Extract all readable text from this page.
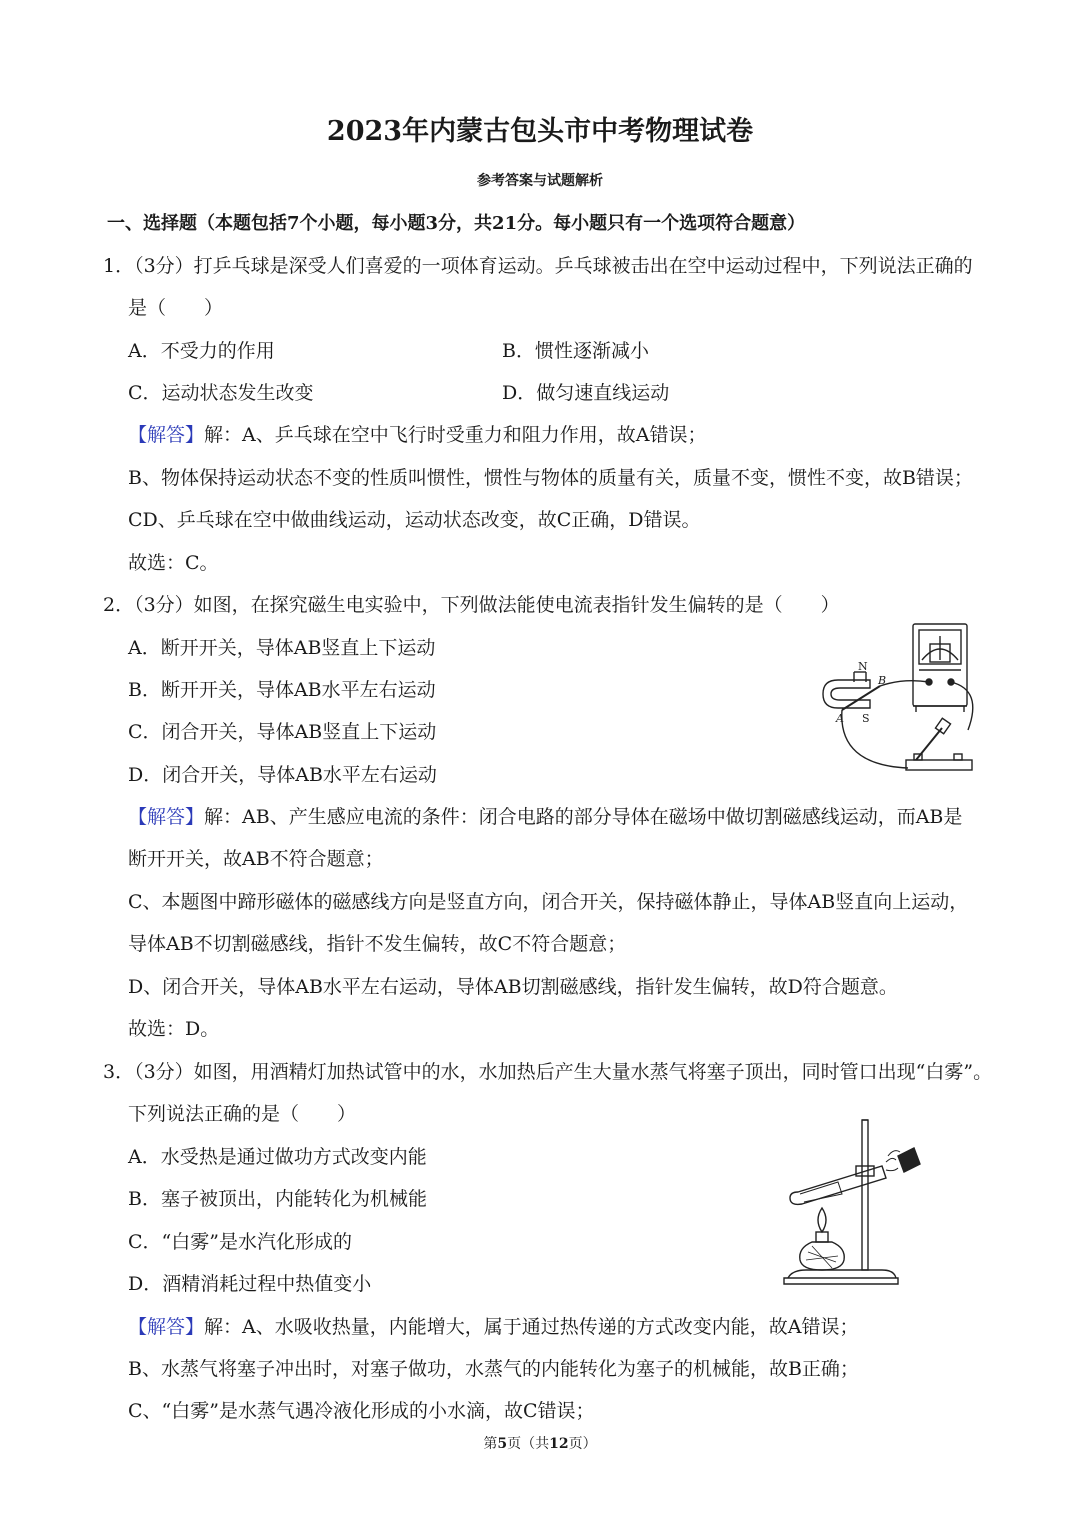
2023年内蒙古包头市中考物理试卷
参考答案与试题解析
一、选择题（本题包括7个小题，每小题3分，共21分。每小题只有一个选项符合题意）
1．（3分）打乒乓球是深受人们喜爱的一项体育运动。乒乓球被击出在空中运动过程中，下列说法正确的
是（　　）
A．不受力的作用	B．惯性逐渐减小
C．运动状态发生改变	D．做匀速直线运动
【解答】解：A、乒乓球在空中飞行时受重力和阻力作用，故A错误；
B、物体保持运动状态不变的性质叫惯性，惯性与物体的质量有关，质量不变，惯性不变，故B错误；
CD、乒乓球在空中做曲线运动，运动状态改变，故C正确，D错误。
故选：C。
2．（3分）如图，在探究磁生电实验中，下列做法能使电流表指针发生偏转的是（　　）
A．断开开关，导体AB竖直上下运动
B．断开开关，导体AB水平左右运动
C．闭合开关，导体AB竖直上下运动
D．闭合开关，导体AB水平左右运动
【解答】解：AB、产生感应电流的条件：闭合电路的部分导体在磁场中做切割磁感线运动，而AB是
断开开关，故AB不符合题意；
C、本题图中蹄形磁体的磁感线方向是竖直方向，闭合开关，保持磁体静止，导体AB竖直向上运动，
导体AB不切割磁感线，指针不发生偏转，故C不符合题意；
D、闭合开关，导体AB水平左右运动，导体AB切割磁感线，指针发生偏转，故D符合题意。
故选：D。
N
S
A
B
3．（3分）如图，用酒精灯加热试管中的水，水加热后产生大量水蒸气将塞子顶出，同时管口出现“白雾”。
下列说法正确的是（　　）
A．水受热是通过做功方式改变内能
B．塞子被顶出，内能转化为机械能
C．“白雾”是水汽化形成的
D．酒精消耗过程中热值变小
【解答】解：A、水吸收热量，内能增大，属于通过热传递的方式改变内能，故A错误；
B、水蒸气将塞子冲出时，对塞子做功，水蒸气的内能转化为塞子的机械能，故B正确；
C、“白雾”是水蒸气遇冷液化形成的小水滴，故C错误；
第5页（共12页）
